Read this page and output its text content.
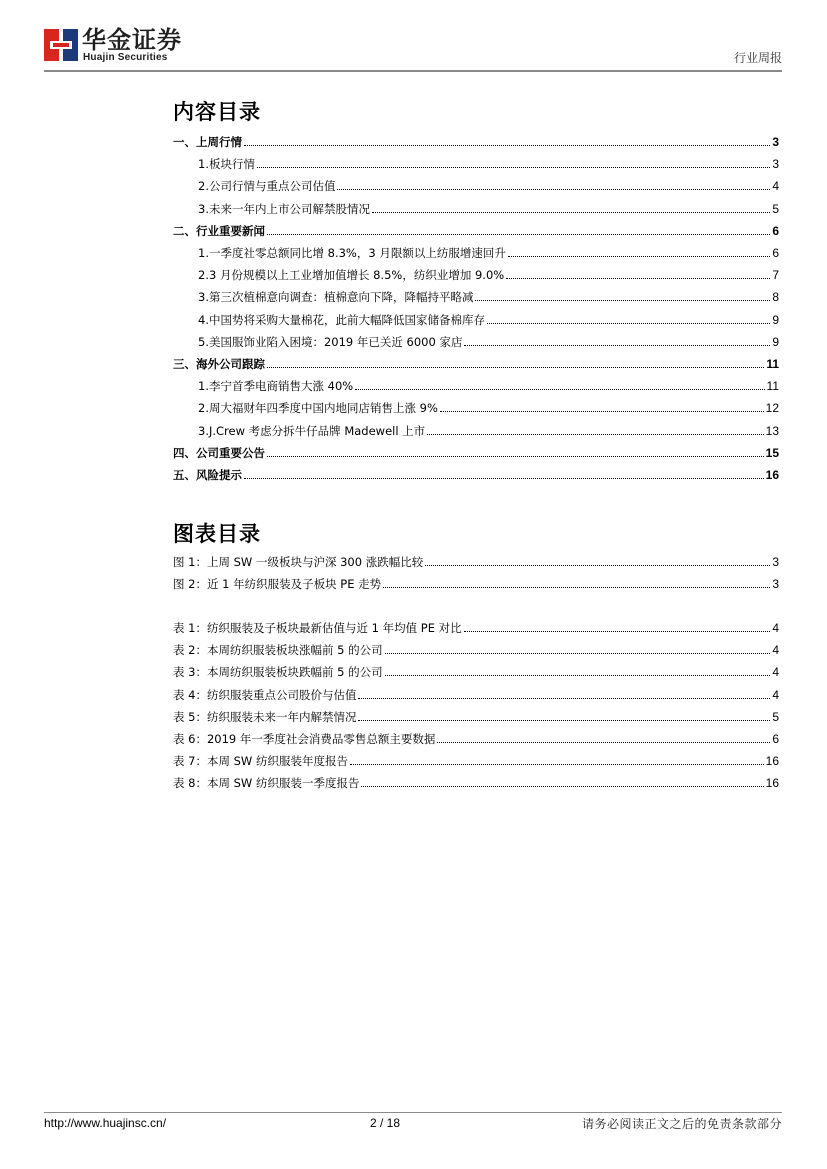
华金证券
Huajin Securities	行业周报
内容目录
一、上周行情	3
1.板块行情	3
2.公司行情与重点公司估值	4
3.未来一年内上市公司解禁股情况	5
二、行业重要新闻	6
1.一季度社零总额同比增 8.3%，3 月限额以上纺服增速回升	6
2.3 月份规模以上工业增加值增长 8.5%，纺织业增加 9.0%	7
3.第三次植棉意向调查：植棉意向下降，降幅持平略减	8
4.中国势将采购大量棉花，此前大幅降低国家储备棉库存	9
5.美国服饰业陷入困境：2019 年已关近 6000 家店	9
三、海外公司跟踪	11
1.李宁首季电商销售大涨 40%	11
2.周大福财年四季度中国内地同店销售上涨 9%	12
3.J.Crew 考虑分拆牛仔品牌 Madewell 上市	13
四、公司重要公告	15
五、风险提示	16
图表目录
图 1：上周 SW 一级板块与沪深 300 涨跌幅比较	3
图 2：近 1 年纺织服装及子板块 PE 走势	3
表 1：纺织服装及子板块最新估值与近 1 年均值 PE 对比	4
表 2：本周纺织服装板块涨幅前 5 的公司	4
表 3：本周纺织服装板块跌幅前 5 的公司	4
表 4：纺织服装重点公司股价与估值	4
表 5：纺织服装未来一年内解禁情况	5
表 6：2019 年一季度社会消费品零售总额主要数据	6
表 7：本周 SW 纺织服装年度报告	16
表 8：本周 SW 纺织服装一季度报告	16
http://www.huajinsc.cn/	2 / 18	请务必阅读正文之后的免责条款部分
